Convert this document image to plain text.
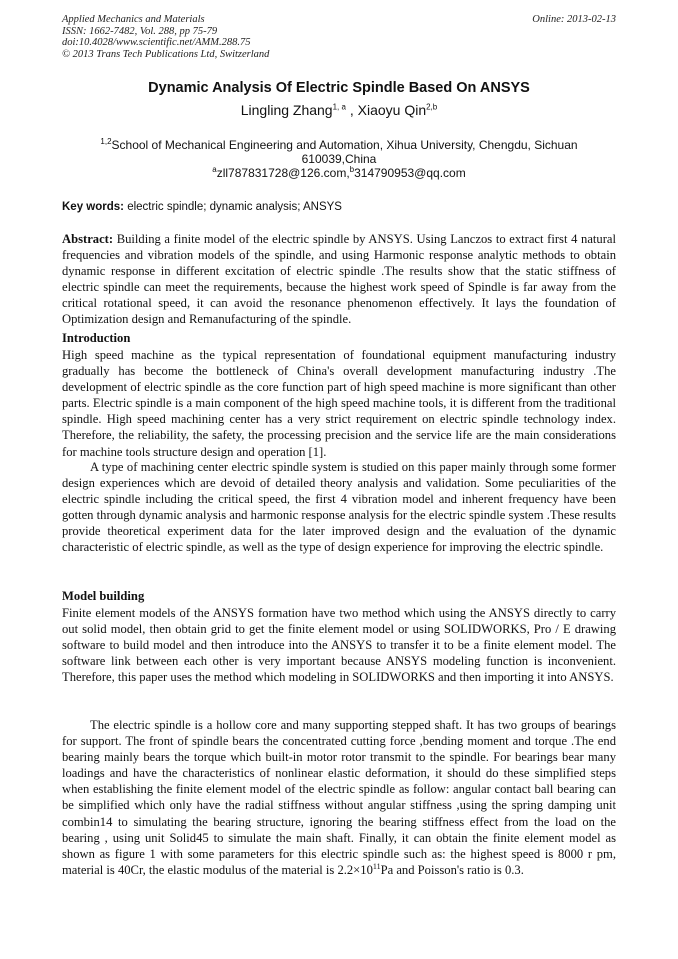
Applied Mechanics and Materials
ISSN: 1662-7482, Vol. 288, pp 75-79
doi:10.4028/www.scientific.net/AMM.288.75
© 2013 Trans Tech Publications Ltd, Switzerland
Online: 2013-02-13
Dynamic Analysis Of Electric Spindle Based On ANSYS
Lingling Zhang$^{1, a}$ , Xiaoyu Qin$^{2,b}$
$^{1,2}$School of Mechanical Engineering and Automation, Xihua University, Chengdu, Sichuan
610039,China
$^a$zll787831728@126.com,$^b$314790953@qq.com
Key words: electric spindle; dynamic analysis; ANSYS

Abstract: Building a finite model of the electric spindle by ANSYS. Using Lanczos to extract first 4 natural frequencies and vibration models of the spindle, and using Harmonic response analytic methods to obtain dynamic response in different excitation of electric spindle .The results show that the static stiffness of electric spindle can meet the requirements, because the highest work speed of Spindle is far away from the critical rotational speed, it can avoid the resonance phenomenon effectively. It lays the foundation of Optimization design and Remanufacturing of the spindle.

Introduction

High speed machine as the typical representation of foundational equipment manufacturing industry gradually has become the bottleneck of China's overall development manufacturing industry .The development of electric spindle as the core function part of high speed machine is more significant than other parts. Electric spindle is a main component of the high speed machine tools, it is different from the traditional spindle. High speed machining center has a very strict requirement on electric spindle technology index. Therefore, the reliability, the safety, the processing precision and the service life are the main considerations for machine tools structure design and operation [1].

A type of machining center electric spindle system is studied on this paper mainly through some former design experiences which are devoid of detailed theory analysis and validation. Some peculiarities of the electric spindle including the critical speed, the first 4 vibration model and inherent frequency have been gotten through dynamic analysis and harmonic response analysis for the electric spindle system .These results provide theoretical experiment data for the later improved design and the evaluation of the dynamic characteristic of electric spindle, as well as the type of design experience for improving the electric spindle.

Model building

Finite element models of the ANSYS formation have two method which using the ANSYS directly to carry out solid model, then obtain grid to get the finite element model or using SOLIDWORKS, Pro / E drawing software to build model and then introduce into the ANSYS to transfer it to be a finite element model. The software link between each other is very important because ANSYS modeling function is inconvenient. Therefore, this paper uses the method which modeling in SOLIDWORKS and then importing it into ANSYS.

The electric spindle is a hollow core and many supporting stepped shaft. It has two groups of bearings for support. The front of spindle bears the concentrated cutting force ,bending moment and torque .The end bearing mainly bears the torque which built-in motor rotor transmit to the spindle. For bearings bear many loadings and have the characteristics of nonlinear elastic deformation, it should do these simplified steps when establishing the finite element model of the electric spindle as follow: angular contact ball bearing can be simplified which only have the radial stiffness without angular stiffness ,using the spring damping unit combin14 to simulating the bearing structure, ignoring the bearing stiffness effect from the load on the bearing , using unit Solid45 to simulate the main shaft. Finally, it can obtain the finite element model as shown as figure 1 with some parameters for this electric spindle such as: the highest speed is 8000 r pm, material is 40Cr, the elastic modulus of the material is $2.2\times 10^{11}Pa$ and Poisson's ratio is 0.3.
